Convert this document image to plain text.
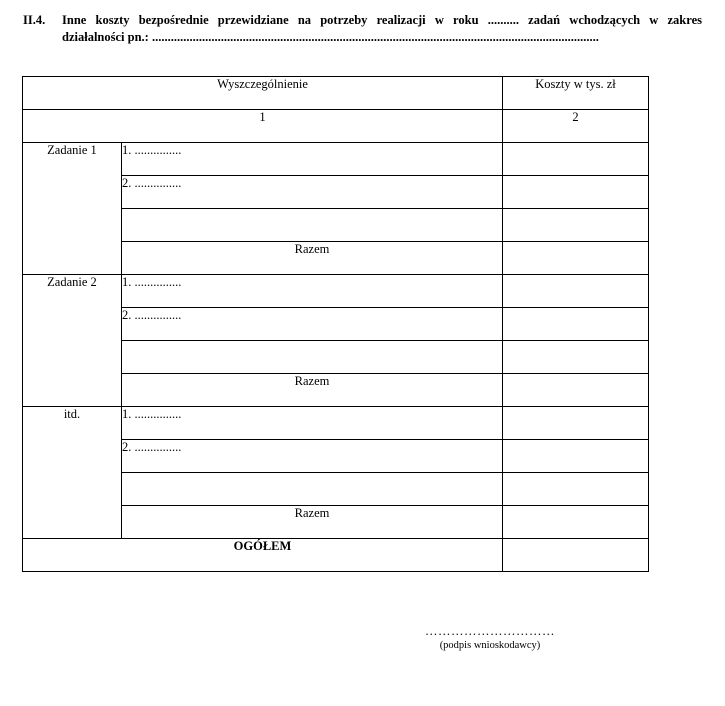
II.4. Inne koszty bezpośrednie przewidziane na potrzeby realizacji w roku .......... zadań wchodzących w zakres
działalności pn.: ...............................................................................................................................................
Wyszczególnienie		Koszty w tys. zł
1		2
Zadanie 1	1. ...............	
	2. ...............	

	Razem	
Zadanie 2	1. ...............	
	2. ...............	

	Razem	
itd.	1. ...............	
	2. ...............	

	Razem	
OGÓŁEM		
…………………………
(podpis wnioskodawcy)
